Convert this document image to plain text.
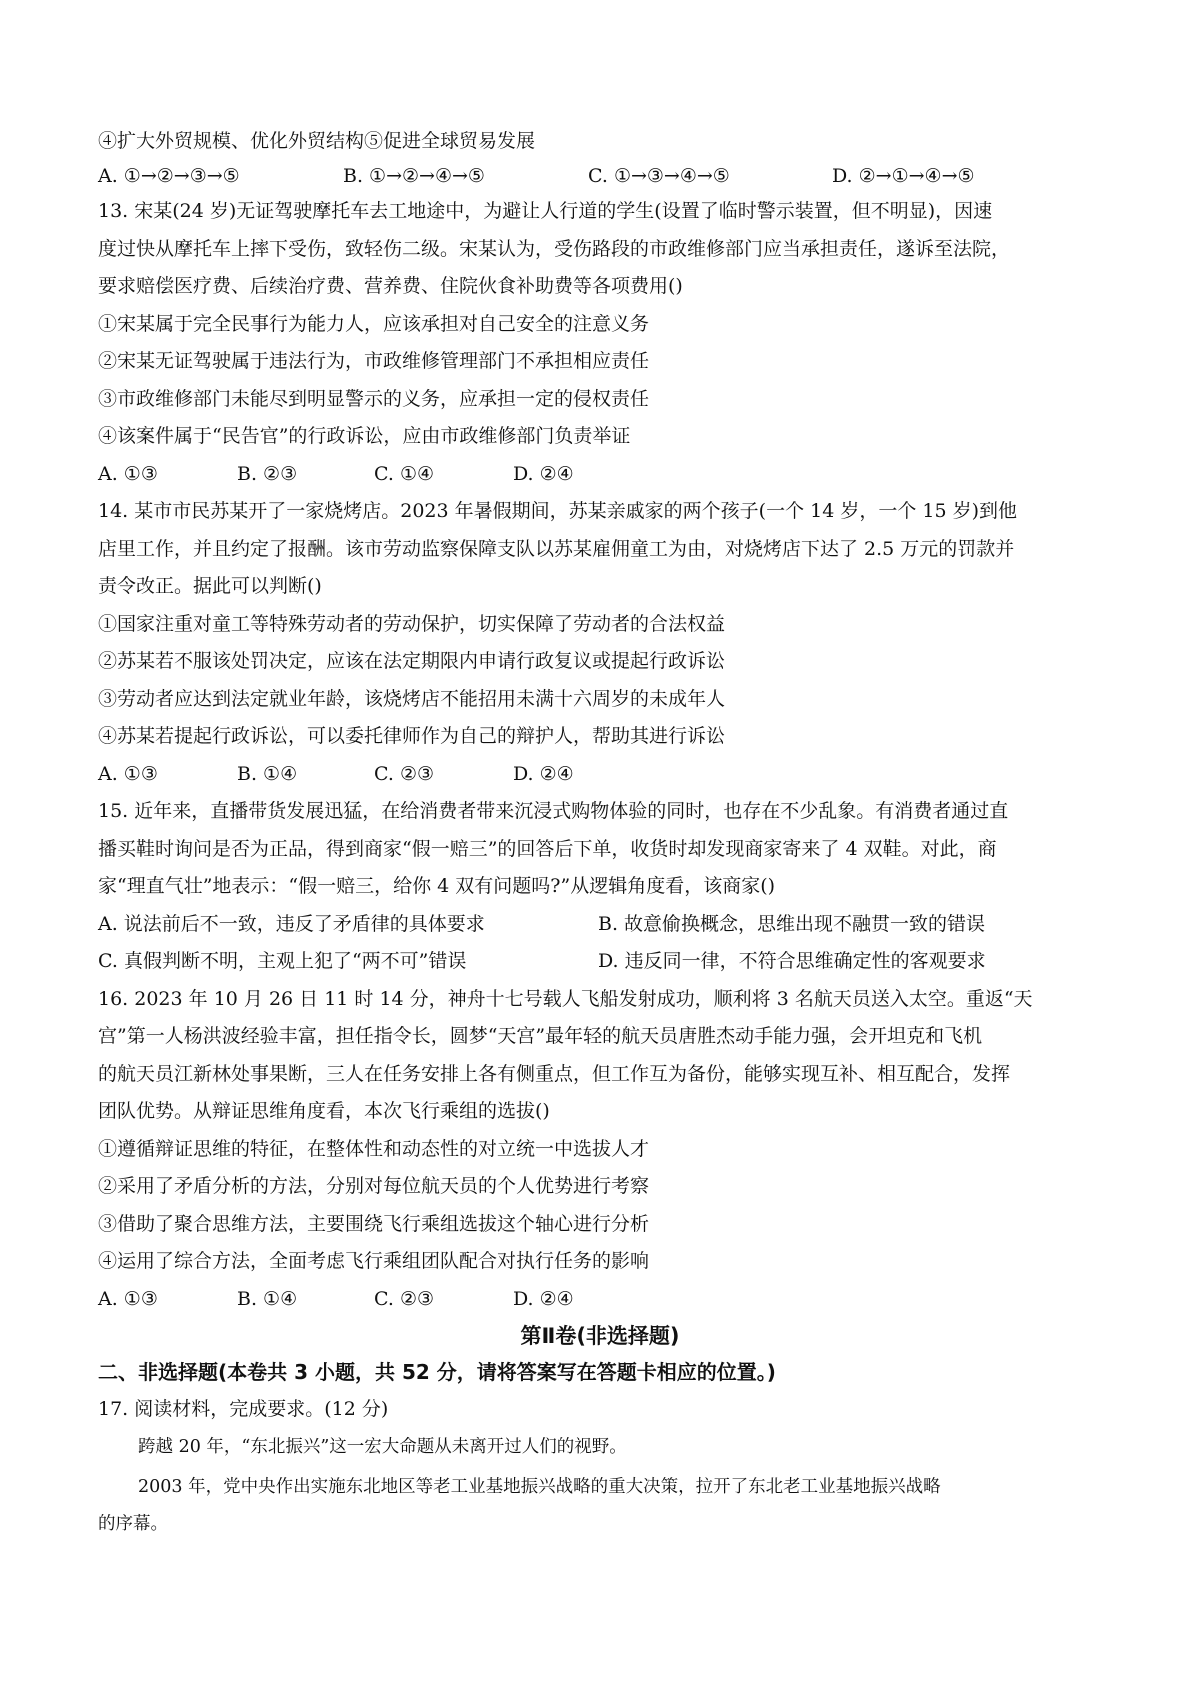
④扩大外贸规模、优化外贸结构⑤促进全球贸易发展
A. ①→②→③→⑤	B. ①→②→④→⑤	C. ①→③→④→⑤	D. ②→①→④→⑤
13. 宋某(24 岁)无证驾驶摩托车去工地途中，为避让人行道的学生(设置了临时警示装置，但不明显)，因速
度过快从摩托车上摔下受伤，致轻伤二级。宋某认为，受伤路段的市政维修部门应当承担责任，遂诉至法院，
要求赔偿医疗费、后续治疗费、营养费、住院伙食补助费等各项费用()
①宋某属于完全民事行为能力人，应该承担对自己安全的注意义务
②宋某无证驾驶属于违法行为，市政维修管理部门不承担相应责任
③市政维修部门未能尽到明显警示的义务，应承担一定的侵权责任
④该案件属于“民告官”的行政诉讼，应由市政维修部门负责举证
A. ①③	B. ②③	C. ①④	D. ②④
14. 某市市民苏某开了一家烧烤店。2023 年暑假期间，苏某亲戚家的两个孩子(一个 14 岁，一个 15 岁)到他
店里工作，并且约定了报酬。该市劳动监察保障支队以苏某雇佣童工为由，对烧烤店下达了 2.5 万元的罚款并
责令改正。据此可以判断()
①国家注重对童工等特殊劳动者的劳动保护，切实保障了劳动者的合法权益
②苏某若不服该处罚决定，应该在法定期限内申请行政复议或提起行政诉讼
③劳动者应达到法定就业年龄，该烧烤店不能招用未满十六周岁的未成年人
④苏某若提起行政诉讼，可以委托律师作为自己的辩护人，帮助其进行诉讼
A. ①③	B. ①④	C. ②③	D. ②④
15. 近年来，直播带货发展迅猛，在给消费者带来沉浸式购物体验的同时，也存在不少乱象。有消费者通过直
播买鞋时询问是否为正品，得到商家“假一赔三”的回答后下单，收货时却发现商家寄来了 4 双鞋。对此，商
家“理直气壮”地表示：“假一赔三，给你 4 双有问题吗?”从逻辑角度看，该商家()
A. 说法前后不一致，违反了矛盾律的具体要求	B. 故意偷换概念，思维出现不融贯一致的错误
C. 真假判断不明，主观上犯了“两不可”错误	D. 违反同一律，不符合思维确定性的客观要求
16. 2023 年 10 月 26 日 11 时 14 分，神舟十七号载人飞船发射成功，顺利将 3 名航天员送入太空。重返“天
宫”第一人杨洪波经验丰富，担任指令长，圆梦“天宫”最年轻的航天员唐胜杰动手能力强，会开坦克和飞机
的航天员江新林处事果断，三人在任务安排上各有侧重点，但工作互为备份，能够实现互补、相互配合，发挥
团队优势。从辩证思维角度看，本次飞行乘组的选拔()
①遵循辩证思维的特征，在整体性和动态性的对立统一中选拔人才
②采用了矛盾分析的方法，分别对每位航天员的个人优势进行考察
③借助了聚合思维方法，主要围绕飞行乘组选拔这个轴心进行分析
④运用了综合方法，全面考虑飞行乘组团队配合对执行任务的影响
A. ①③	B. ①④	C. ②③	D. ②④
第Ⅱ卷(非选择题)
二、非选择题(本卷共 3 小题，共 52 分，请将答案写在答题卡相应的位置。)
17. 阅读材料，完成要求。(12 分)
跨越 20 年，“东北振兴”这一宏大命题从未离开过人们的视野。
2003 年，党中央作出实施东北地区等老工业基地振兴战略的重大决策，拉开了东北老工业基地振兴战略
的序幕。
